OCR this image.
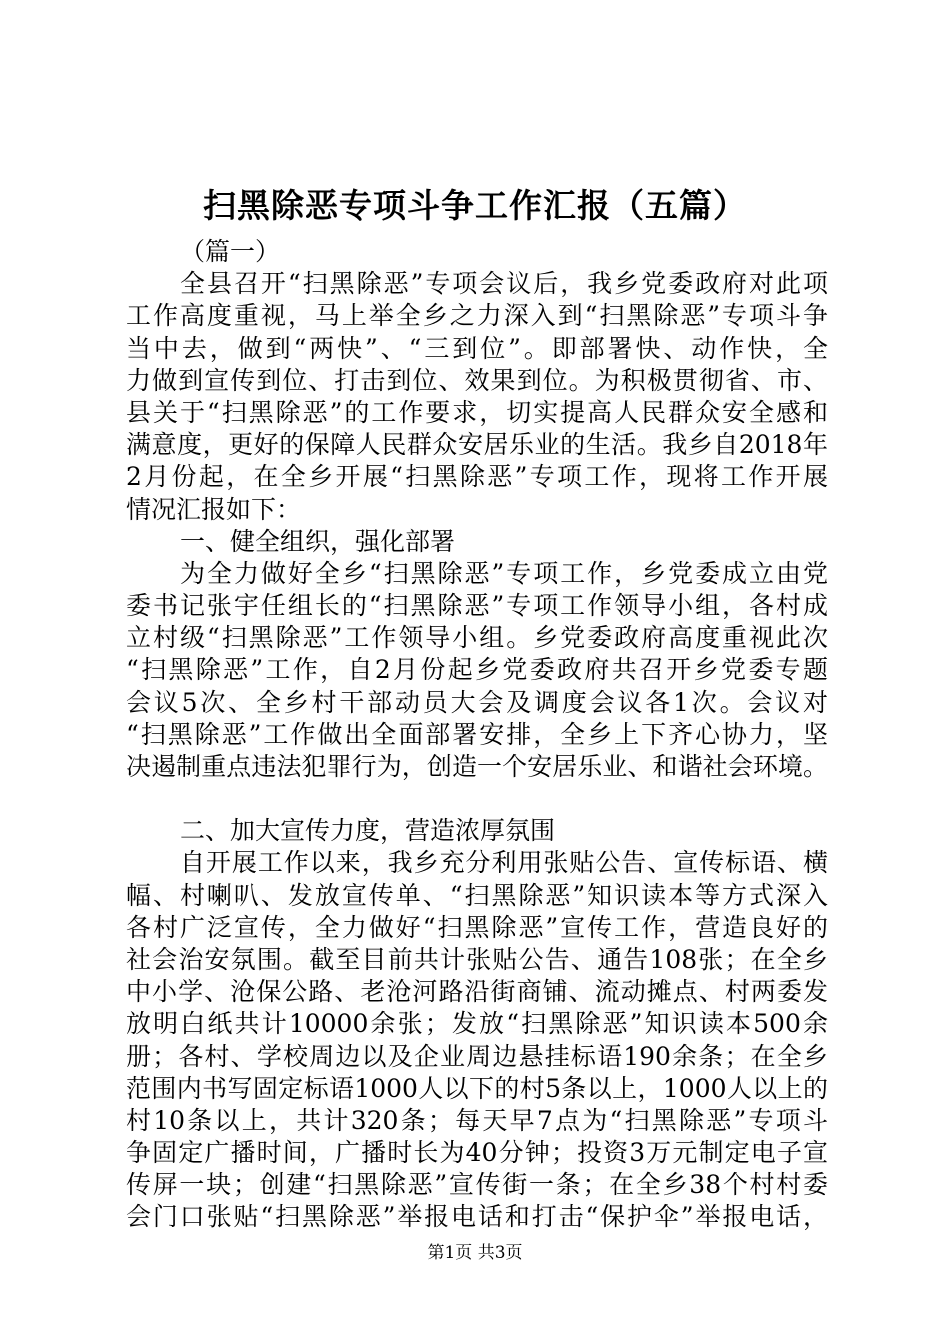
扫黑除恶专项斗争工作汇报（五篇）
（篇一）
全县召开“扫黑除恶”专项会议后，我乡党委政府对此项
工作高度重视，马上举全乡之力深入到“扫黑除恶”专项斗争
当中去，做到“两快”、“三到位”。即部署快、动作快，全
力做到宣传到位、打击到位、效果到位。为积极贯彻省、市、
县关于“扫黑除恶”的工作要求，切实提高人民群众安全感和
满意度，更好的保障人民群众安居乐业的生活。我乡自2018年
2月份起，在全乡开展“扫黑除恶”专项工作，现将工作开展
情况汇报如下：
一、健全组织，强化部署
为全力做好全乡“扫黑除恶”专项工作，乡党委成立由党
委书记张宇任组长的“扫黑除恶”专项工作领导小组，各村成
立村级“扫黑除恶”工作领导小组。乡党委政府高度重视此次
“扫黑除恶”工作，自2月份起乡党委政府共召开乡党委专题
会议5次、全乡村干部动员大会及调度会议各1次。会议对
“扫黑除恶”工作做出全面部署安排，全乡上下齐心协力，坚
决遏制重点违法犯罪行为，创造一个安居乐业、和谐社会环境。
二、加大宣传力度，营造浓厚氛围
自开展工作以来，我乡充分利用张贴公告、宣传标语、横
幅、村喇叭、发放宣传单、“扫黑除恶”知识读本等方式深入
各村广泛宣传，全力做好“扫黑除恶”宣传工作，营造良好的
社会治安氛围。截至目前共计张贴公告、通告108张；在全乡
中小学、沧保公路、老沧河路沿街商铺、流动摊点、村两委发
放明白纸共计10000余张；发放“扫黑除恶”知识读本500余
册；各村、学校周边以及企业周边悬挂标语190余条；在全乡
范围内书写固定标语1000人以下的村5条以上，1000人以上的
村10条以上，共计320条；每天早7点为“扫黑除恶”专项斗
争固定广播时间，广播时长为40分钟；投资3万元制定电子宣
传屏一块；创建“扫黑除恶”宣传街一条；在全乡38个村村委
会门口张贴“扫黑除恶”举报电话和打击“保护伞”举报电话，
第1页 共3页
